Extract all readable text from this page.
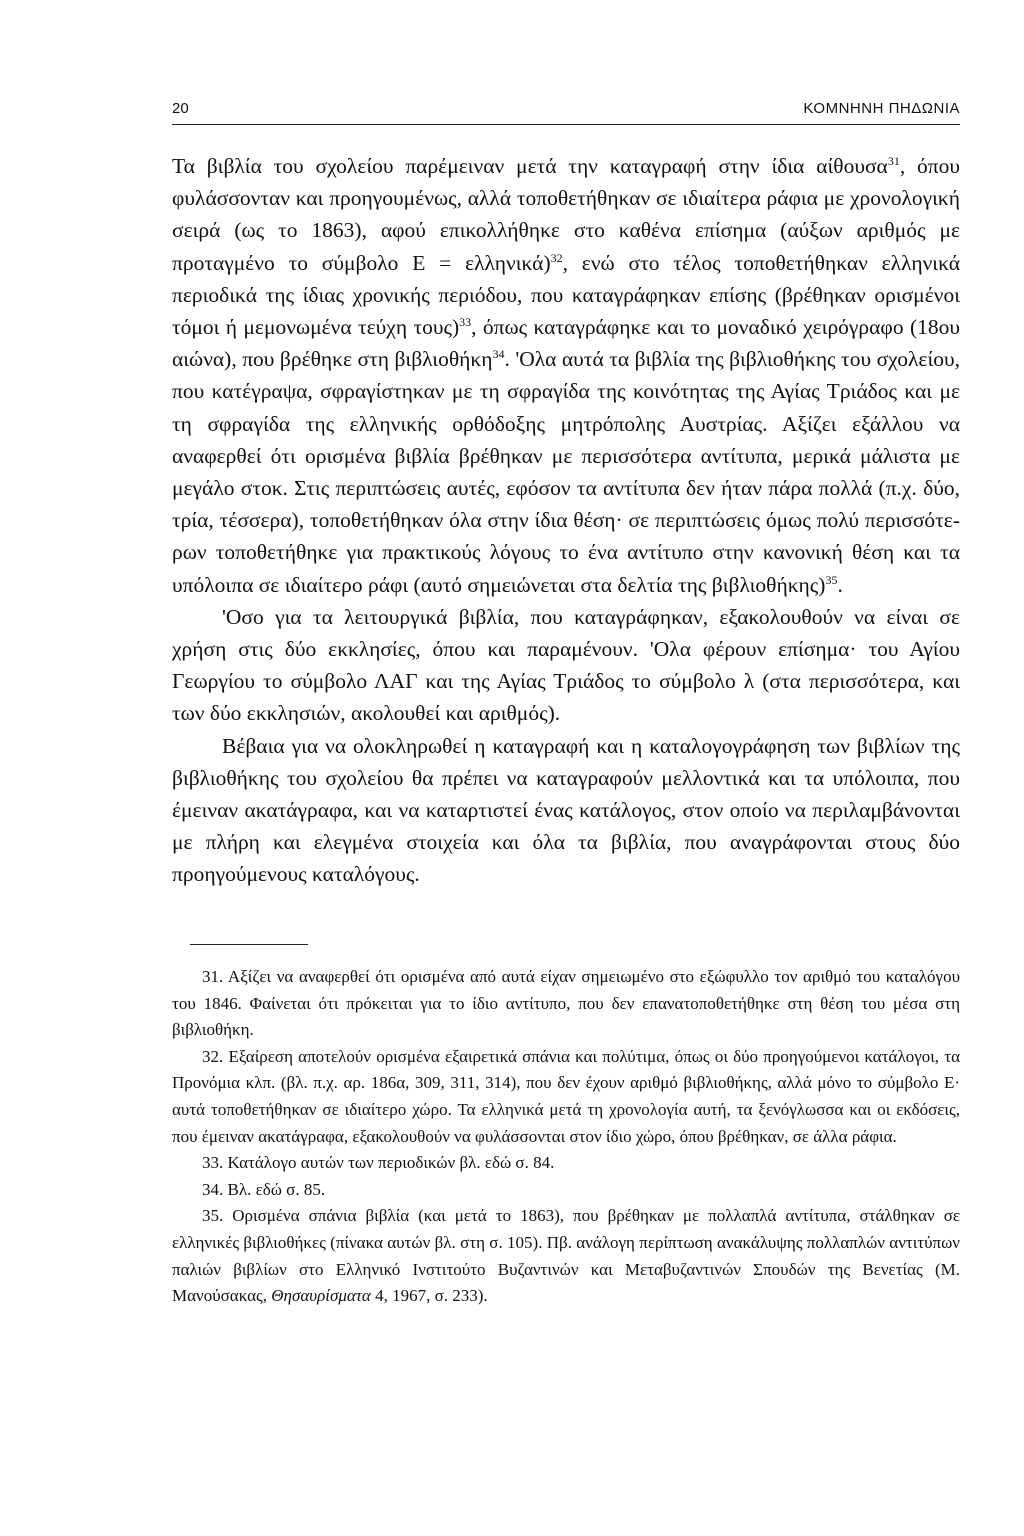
20	ΚΟΜΝΗΝΗ ΠΗΔΩΝΙΑ

Τα βιβλία του σχολείου παρέμειναν μετά την καταγραφή στην ίδια αίθουσα$^{31}$, όπου φυλάσσονταν και προηγουμένως, αλλά τοποθετήθηκαν σε ιδιαίτερα ράφια με χρονολογική σειρά (ως το 1863), αφού επικολλήθηκε στο καθένα επίσημα (αύξων αριθμός με προταγμένο το σύμβολο Ε = ελληνικά)$^{32}$, ενώ στο τέλος τοποθετήθηκαν ελληνικά περιοδικά της ίδιας χρονικής περιόδου, που καταγράφηκαν επίσης (βρέθηκαν ορισμένοι τόμοι ή μεμονωμένα τεύχη τους)$^{33}$, όπως καταγράφηκε και το μοναδικό χειρόγραφο (18ου αιώνα), που βρέθηκε στη βιβλιοθήκη$^{34}$. 'Ολα αυτά τα βιβλία της βιβλιοθήκης του σχολείου, που κατέγραψα, σφραγίστηκαν με τη σφραγίδα της κοινότητας της Αγίας Τριάδος και με τη σφραγίδα της ελληνικής ορθόδοξης μητρόπολης Αυστρίας. Αξίζει εξάλλου να αναφερθεί ότι ορισμένα βιβλία βρέθηκαν με περισσότερα αντίτυπα, μερικά μάλιστα με μεγάλο στοκ. Στις περιπτώσεις αυτές, εφόσον τα αντίτυπα δεν ήταν πάρα πολλά (π.χ. δύο, τρία, τέσσερα), τοποθετήθηκαν όλα στην ίδια θέση· σε περιπτώσεις όμως πολύ περισσότερων τοποθετήθηκε για πρακτικούς λόγους το ένα αντίτυπο στην κανονική θέση και τα υπόλοιπα σε ιδιαίτερο ράφι (αυτό σημειώνεται στα δελτία της βιβλιοθήκης)$^{35}$.

'Οσο για τα λειτουργικά βιβλία, που καταγράφηκαν, εξακολουθούν να είναι σε χρήση στις δύο εκκλησίες, όπου και παραμένουν. 'Ολα φέρουν επίσημα· του Αγίου Γεωργίου το σύμβολο ΛΑΓ και της Αγίας Τριάδος το σύμβολο λ (στα περισσότερα, και των δύο εκκλησιών, ακολουθεί και αριθμός).

Βέβαια για να ολοκληρωθεί η καταγραφή και η καταλογογράφηση των βιβλίων της βιβλιοθήκης του σχολείου θα πρέπει να καταγραφούν μελλοντικά και τα υπόλοιπα, που έμειναν ακατάγραφα, και να καταρτιστεί ένας κατάλογος, στον οποίο να περιλαμβάνονται με πλήρη και ελεγμένα στοιχεία και όλα τα βιβλία, που αναγράφονται στους δύο προηγούμενους καταλόγους.

31. Αξίζει να αναφερθεί ότι ορισμένα από αυτά είχαν σημειωμένο στο εξώφυλλο τον αριθμό του καταλόγου του 1846. Φαίνεται ότι πρόκειται για το ίδιο αντίτυπο, που δεν επανατοποθετήθηκε στη θέση του μέσα στη βιβλιοθήκη.

32. Εξαίρεση αποτελούν ορισμένα εξαιρετικά σπάνια και πολύτιμα, όπως οι δύο προηγούμενοι κατάλογοι, τα Προνόμια κλπ. (βλ. π.χ. αρ. 186α, 309, 311, 314), που δεν έχουν αριθμό βιβλιοθήκης, αλλά μόνο το σύμβολο Ε· αυτά τοποθετήθηκαν σε ιδιαίτερο χώρο. Τα ελληνικά μετά τη χρονολογία αυτή, τα ξενόγλωσσα και οι εκδόσεις, που έμειναν ακατάγραφα, εξακολουθούν να φυλάσσονται στον ίδιο χώρο, όπου βρέθηκαν, σε άλλα ράφια.

33. Κατάλογο αυτών των περιοδικών βλ. εδώ σ. 84.

34. Βλ. εδώ σ. 85.

35. Ορισμένα σπάνια βιβλία (και μετά το 1863), που βρέθηκαν με πολλαπλά αντίτυπα, στάλθηκαν σε ελληνικές βιβλιοθήκες (πίνακα αυτών βλ. στη σ. 105). Πβ. ανάλογη περίπτωση ανακάλυψης πολλαπλών αντιτύπων παλιών βιβλίων στο Ελληνικό Ινστιτούτο Βυζαντινών και Μεταβυζαντινών Σπουδών της Βενετίας (Μ. Μανούσακας, Θησαυρίσματα 4, 1967, σ. 233).
